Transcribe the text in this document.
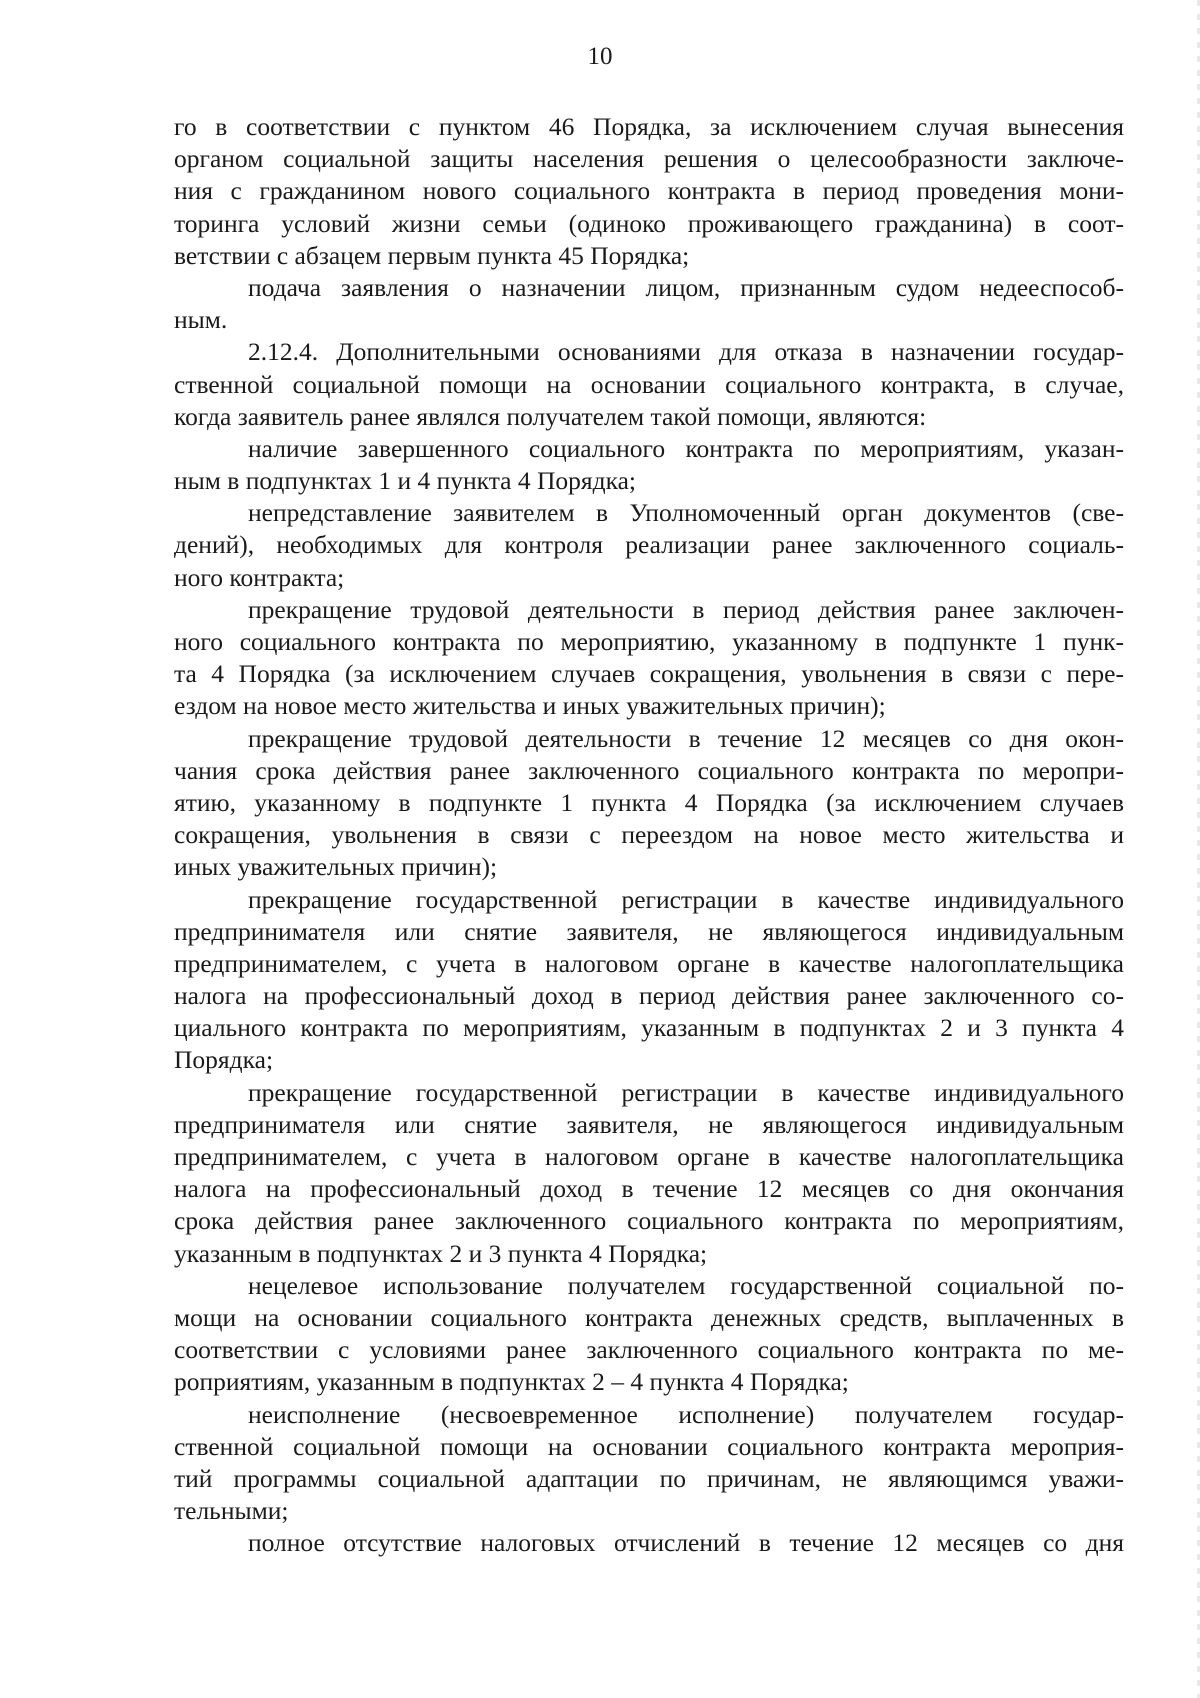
10
го в соответствии с пунктом 46 Порядка, за исключением случая вынесения
органом социальной защиты населения решения о целесообразности заключе-
ния с гражданином нового социального контракта в период проведения мони-
торинга условий жизни семьи (одиноко проживающего гражданина) в соот-
ветствии с абзацем первым пункта 45 Порядка;
подача заявления о назначении лицом, признанным судом недееспособ-
ным.
2.12.4. Дополнительными основаниями для отказа в назначении государ-
ственной социальной помощи на основании социального контракта, в случае,
когда заявитель ранее являлся получателем такой помощи, являются:
наличие завершенного социального контракта по мероприятиям, указан-
ным в подпунктах 1 и 4 пункта 4 Порядка;
непредставление заявителем в Уполномоченный орган документов (све-
дений), необходимых для контроля реализации ранее заключенного социаль-
ного контракта;
прекращение трудовой деятельности в период действия ранее заключен-
ного социального контракта по мероприятию, указанному в подпункте 1 пунк-
та 4 Порядка (за исключением случаев сокращения, увольнения в связи с пере-
ездом на новое место жительства и иных уважительных причин);
прекращение трудовой деятельности в течение 12 месяцев со дня окон-
чания срока действия ранее заключенного социального контракта по меропри-
ятию, указанному в подпункте 1 пункта 4 Порядка (за исключением случаев
сокращения, увольнения в связи с переездом на новое место жительства и
иных уважительных причин);
прекращение государственной регистрации в качестве индивидуального
предпринимателя или снятие заявителя, не являющегося индивидуальным
предпринимателем, с учета в налоговом органе в качестве налогоплательщика
налога на профессиональный доход в период действия ранее заключенного со-
циального контракта по мероприятиям, указанным в подпунктах 2 и 3 пункта 4
Порядка;
прекращение государственной регистрации в качестве индивидуального
предпринимателя или снятие заявителя, не являющегося индивидуальным
предпринимателем, с учета в налоговом органе в качестве налогоплательщика
налога на профессиональный доход в течение 12 месяцев со дня окончания
срока действия ранее заключенного социального контракта по мероприятиям,
указанным в подпунктах 2 и 3 пункта 4 Порядка;
нецелевое использование получателем государственной социальной по-
мощи на основании социального контракта денежных средств, выплаченных в
соответствии с условиями ранее заключенного социального контракта по ме-
роприятиям, указанным в подпунктах 2 – 4 пункта 4 Порядка;
неисполнение (несвоевременное исполнение) получателем государ-
ственной социальной помощи на основании социального контракта мероприя-
тий программы социальной адаптации по причинам, не являющимся уважи-
тельными;
полное отсутствие налоговых отчислений в течение 12 месяцев со дня
